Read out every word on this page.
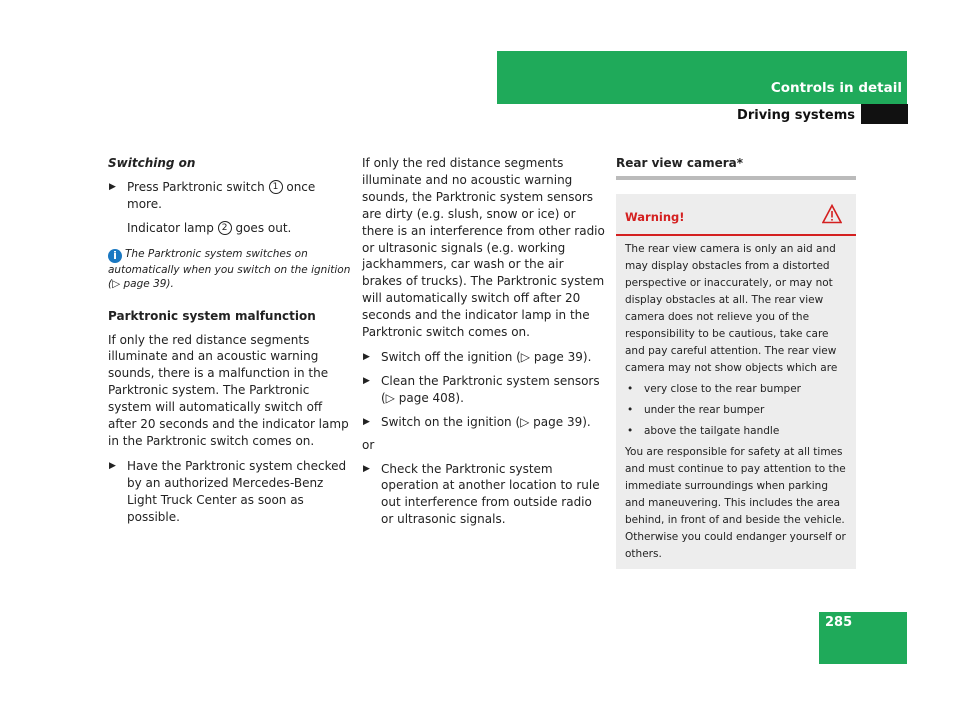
Controls in detail
Driving systems
Switching on
▶ Press Parktronic switch 1 once more.
Indicator lamp 2 goes out.
i The Parktronic system switches on automatically when you switch on the ignition (▷ page 39).
Parktronic system malfunction
If only the red distance segments illuminate and an acoustic warning sounds, there is a malfunction in the Parktronic system. The Parktronic system will automatically switch off after 20 seconds and the indicator lamp in the Parktronic switch comes on.
▶ Have the Parktronic system checked by an authorized Mercedes-Benz Light Truck Center as soon as possible.
If only the red distance segments illuminate and no acoustic warning sounds, the Parktronic system sensors are dirty (e.g. slush, snow or ice) or there is an interference from other radio or ultrasonic signals (e.g. working jackhammers, car wash or the air brakes of trucks). The Parktronic system will automatically switch off after 20 seconds and the indicator lamp in the Parktronic switch comes on.
▶ Switch off the ignition (▷ page 39).
▶ Clean the Parktronic system sensors (▷ page 408).
▶ Switch on the ignition (▷ page 39).
or
▶ Check the Parktronic system operation at another location to rule out interference from outside radio or ultrasonic signals.
Rear view camera*
Warning!

The rear view camera is only an aid and may display obstacles from a distorted perspective or inaccurately, or may not display obstacles at all. The rear view camera does not relieve you of the responsibility to be cautious, take care and pay careful attention. The rear view camera may not show objects which are

• very close to the rear bumper
• under the rear bumper
• above the tailgate handle

You are responsible for safety at all times and must continue to pay attention to the immediate surroundings when parking and maneuvering. This includes the area behind, in front of and beside the vehicle. Otherwise you could endanger yourself or others.

285
